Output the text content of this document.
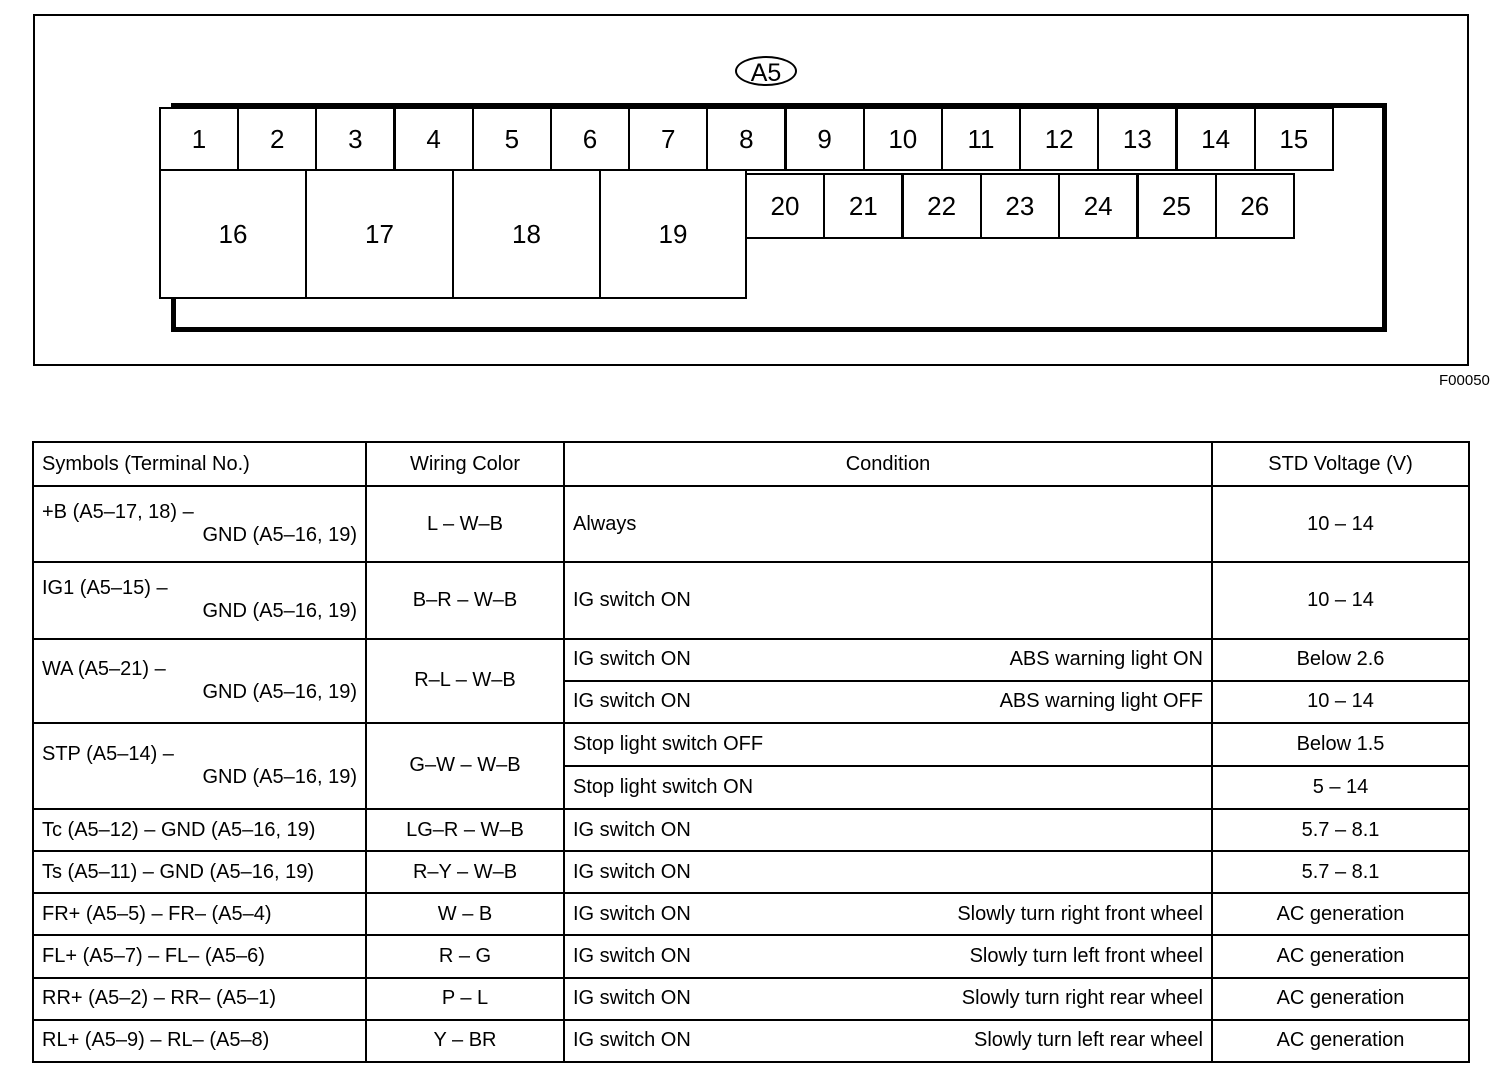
A5
1	2	3	4	5	6	7	8	9	10	11	12	13	14	15
16	17	18	19
20	21	22	23	24	25	26
F00050
Symbols (Terminal No.)	Wiring Color	Condition	STD Voltage (V)

+B (A5–17, 18) –
GND (A5–16, 19)	L – W–B	Always	10 – 14

IG1 (A5–15) –
GND (A5–16, 19)	B–R – W–B	IG switch ON	10 – 14

WA (A5–21) –
GND (A5–16, 19)	R–L – W–B	IG switch ON ABS warning light ON	Below 2.6

		IG switch ON ABS warning light OFF	10 – 14

STP (A5–14) –
GND (A5–16, 19)	G–W – W–B	Stop light switch OFF	Below 1.5

		Stop light switch ON	5 – 14

Tc (A5–12) – GND (A5–16, 19)	LG–R – W–B	IG switch ON	5.7 – 8.1

Ts (A5–11) – GND (A5–16, 19)	R–Y – W–B	IG switch ON	5.7 – 8.1

FR+ (A5–5) – FR– (A5–4)	W – B	IG switch ON Slowly turn right front wheel	AC generation

FL+ (A5–7) – FL– (A5–6)	R – G	IG switch ON Slowly turn left front wheel	AC generation

RR+ (A5–2) – RR– (A5–1)	P – L	IG switch ON Slowly turn right rear wheel	AC generation

RL+ (A5–9) – RL– (A5–8)	Y – BR	IG switch ON Slowly turn left rear wheel	AC generation
